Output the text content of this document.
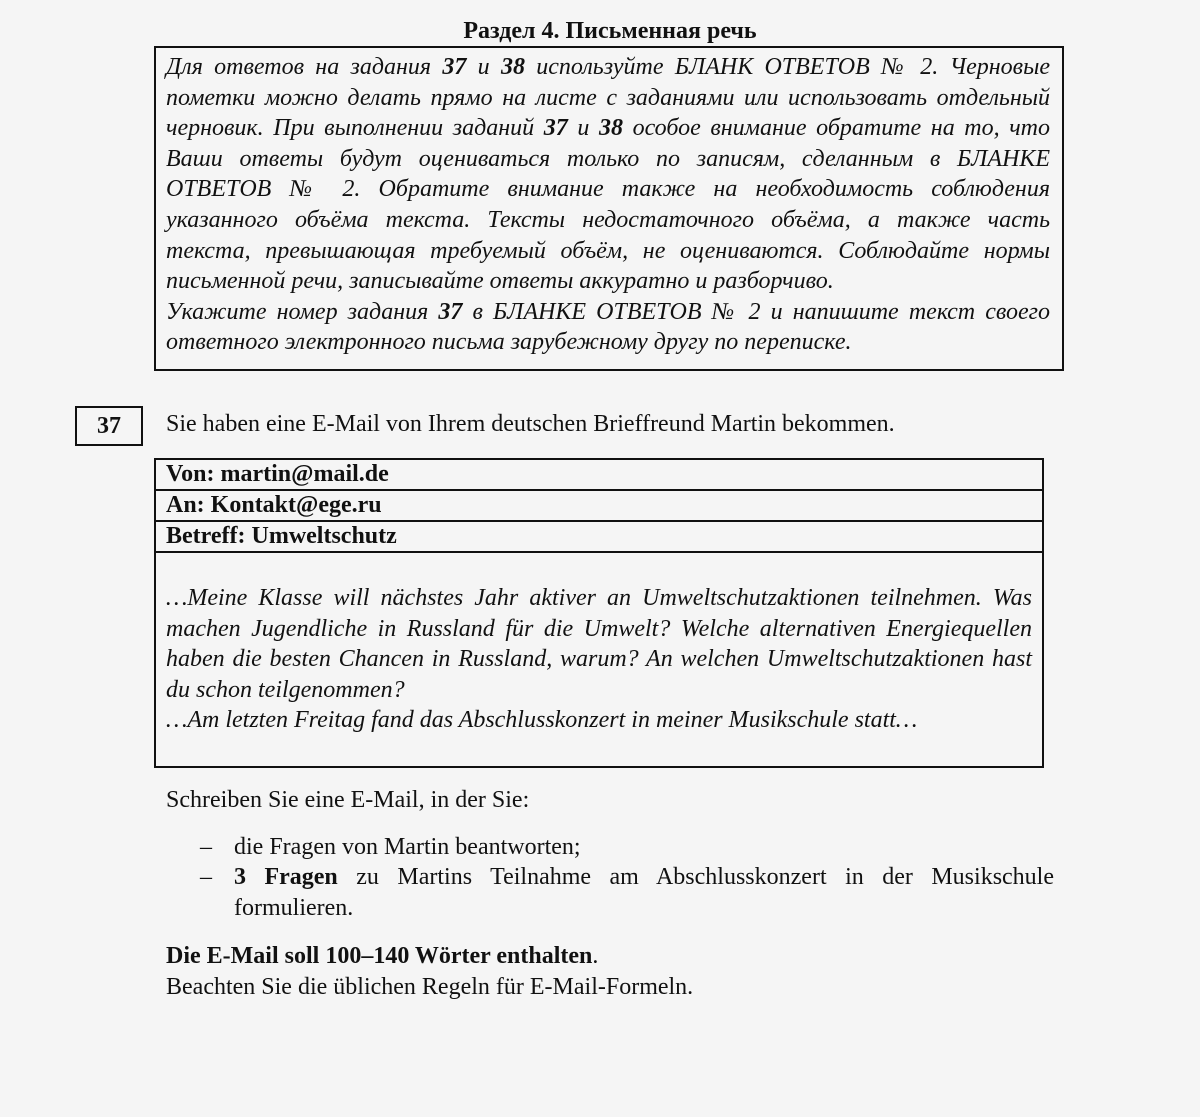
Раздел 4. Письменная речь

Для ответов на задания 37 и 38 используйте БЛАНК ОТВЕТОВ № 2. Черновые пометки можно делать прямо на листе с заданиями или использовать отдельный черновик. При выполнении заданий 37 и 38 особое внимание обратите на то, что Ваши ответы будут оцениваться только по записям, сделанным в БЛАНКЕ ОТВЕТОВ № 2. Обратите внимание также на необходимость соблюдения указанного объёма текста. Тексты недостаточного объёма, а также часть текста, превышающая требуемый объём, не оцениваются. Соблюдайте нормы письменной речи, записывайте ответы аккуратно и разборчиво.

Укажите номер задания 37 в БЛАНКЕ ОТВЕТОВ № 2 и напишите текст своего ответного электронного письма зарубежному другу по переписке.

37	Sie haben eine E-Mail von Ihrem deutschen Brieffreund Martin bekommen.
Von: martin@mail.de
An: Kontakt@ege.ru
Betreff: Umweltschutz

…Meine Klasse will nächstes Jahr aktiver an Umweltschutzaktionen teilnehmen. Was machen Jugendliche in Russland für die Umwelt? Welche alternativen Energiequellen haben die besten Chancen in Russland, warum? An welchen Umweltschutzaktionen hast du schon teilgenommen?

…Am letzten Freitag fand das Abschlusskonzert in meiner Musikschule statt…

Schreiben Sie eine E-Mail, in der Sie:

– die Fragen von Martin beantworten;
– 3 Fragen zu Martins Teilnahme am Abschlusskonzert in der Musikschule formulieren.

Die E-Mail soll 100–140 Wörter enthalten.

Beachten Sie die üblichen Regeln für E-Mail-Formeln.
